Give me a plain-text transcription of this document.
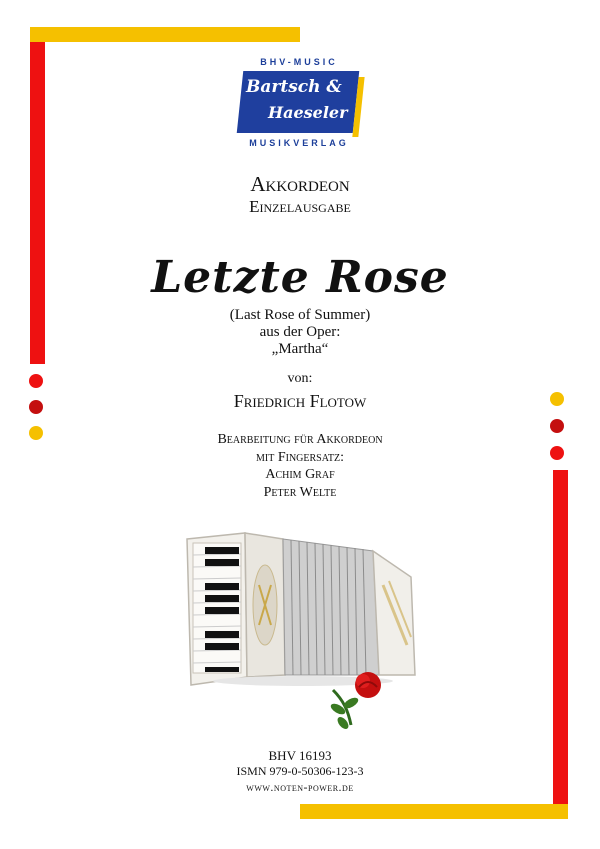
BHV-MUSIC
Bartsch &
Haeseler
MUSIKVERLAG
Akkordeon
Einzelausgabe
Letzte Rose
(Last Rose of Summer)
aus der Oper:
„Martha“
von:
Friedrich Flotow
Bearbeitung für Akkordeon
mit Fingersatz:
Achim Graf
Peter Welte
BHV 16193
ISMN 979-0-50306-123-3
www.noten-power.de
